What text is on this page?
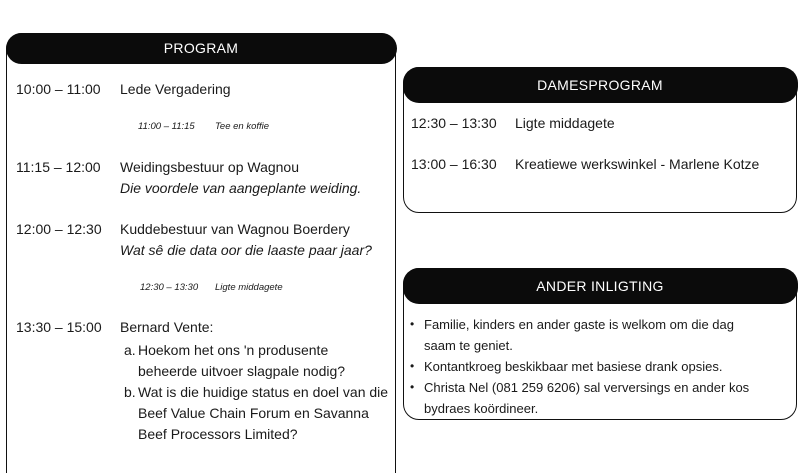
PROGRAM
10:00 – 11:00 Lede Vergadering
11:00 – 11:15 Tee en koffie
11:15 – 12:00 Weidingsbestuur op Wagnou
Die voordele van aangeplante weiding.
12:00 – 12:30 Kuddebestuur van Wagnou Boerdery
Wat sê die data oor die laaste paar jaar?
12:30 – 13:30 Ligte middagete
13:30 – 15:00 Bernard Vente:
a. Hoekom het ons 'n produsente
beheerde uitvoer slagpale nodig?
b. Wat is die huidige status en doel van die
Beef Value Chain Forum en Savanna
Beef Processors Limited?
DAMESPROGRAM
12:30 – 13:30 Ligte middagete
13:00 – 16:30 Kreatiewe werkswinkel - Marlene Kotze
ANDER INLIGTING
• Familie, kinders en ander gaste is welkom om die dag
saam te geniet.
• Kontantkroeg beskikbaar met basiese drank opsies.
• Christa Nel (081 259 6206) sal verversings en ander kos
bydraes koördineer.
